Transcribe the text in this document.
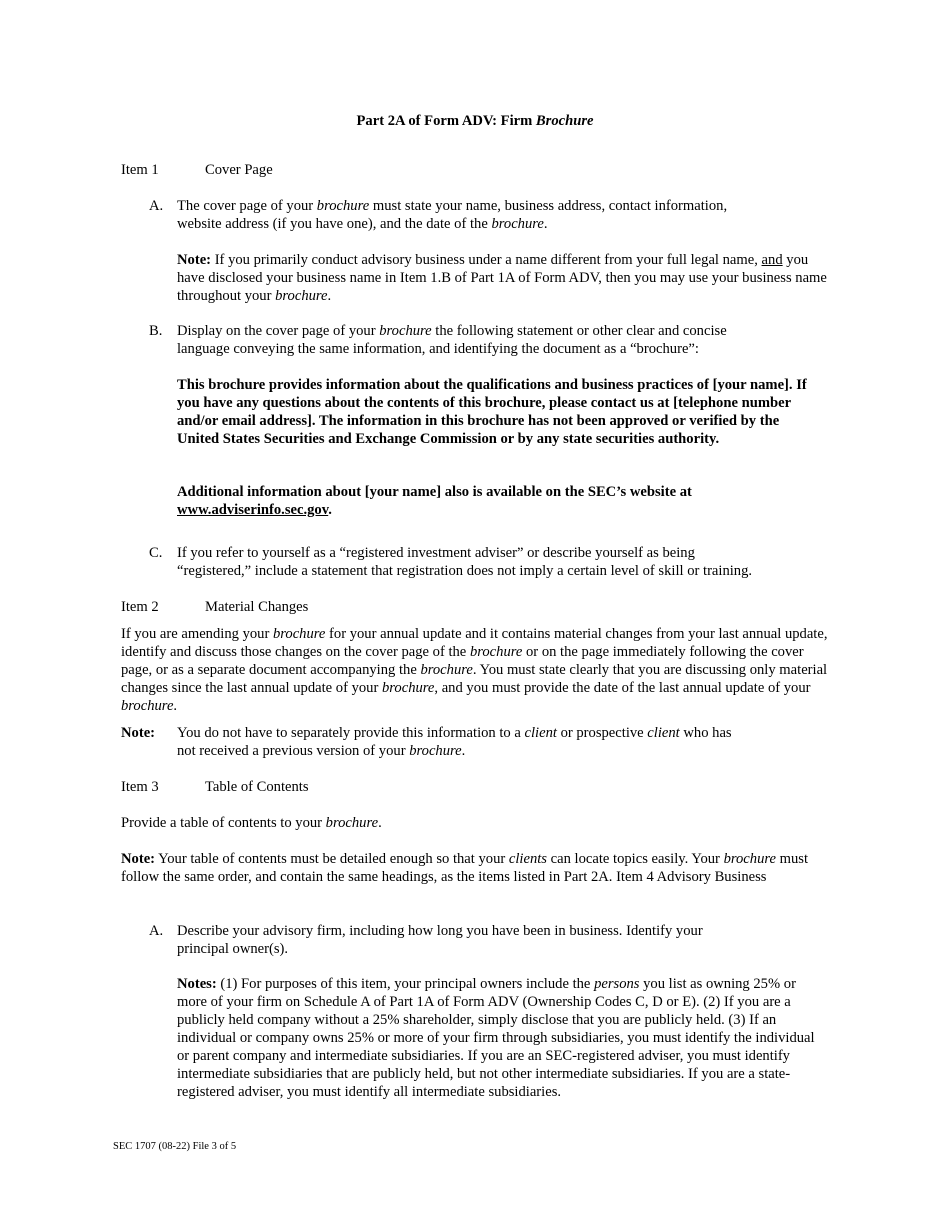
Part 2A of Form ADV: Firm Brochure
Item 1	Cover Page
A. The cover page of your brochure must state your name, business address, contact information,
website address (if you have one), and the date of the brochure.
Note: If you primarily conduct advisory business under a name different from your full legal name, and you have disclosed your business name in Item 1.B of Part 1A of Form ADV, then you may use your business name throughout your brochure.
B. Display on the cover page of your brochure the following statement or other clear and concise
language conveying the same information, and identifying the document as a “brochure”:
This brochure provides information about the qualifications and business practices of [your name]. If you have any questions about the contents of this brochure, please contact us at [telephone number and/or email address]. The information in this brochure has not been approved or verified by the United States Securities and Exchange Commission or by any state securities authority.
Additional information about [your name] also is available on the SEC’s website at
www.adviserinfo.sec.gov.
C. If you refer to yourself as a “registered investment adviser” or describe yourself as being
“registered,” include a statement that registration does not imply a certain level of skill or training.
Item 2	Material Changes
If you are amending your brochure for your annual update and it contains material changes from your last annual update, identify and discuss those changes on the cover page of the brochure or on the page immediately following the cover page, or as a separate document accompanying the brochure. You must state clearly that you are discussing only material changes since the last annual update of your brochure, and you must provide the date of the last annual update of your brochure.
Note: You do not have to separately provide this information to a client or prospective client who has
not received a previous version of your brochure.
Item 3	Table of Contents
Provide a table of contents to your brochure.
Note: Your table of contents must be detailed enough so that your clients can locate topics easily. Your brochure must follow the same order, and contain the same headings, as the items listed in Part 2A. Item 4 Advisory Business
A. Describe your advisory firm, including how long you have been in business. Identify your
principal owner(s).
Notes: (1) For purposes of this item, your principal owners include the persons you list as owning 25% or more of your firm on Schedule A of Part 1A of Form ADV (Ownership Codes C, D or E). (2) If you are a publicly held company without a 25% shareholder, simply disclose that you are publicly held. (3) If an individual or company owns 25% or more of your firm through subsidiaries, you must identify the individual or parent company and intermediate subsidiaries. If you are an SEC-registered adviser, you must identify intermediate subsidiaries that are publicly held, but not other intermediate subsidiaries. If you are a state-registered adviser, you must identify all intermediate subsidiaries.
SEC 1707 (08-22) File 3 of 5
